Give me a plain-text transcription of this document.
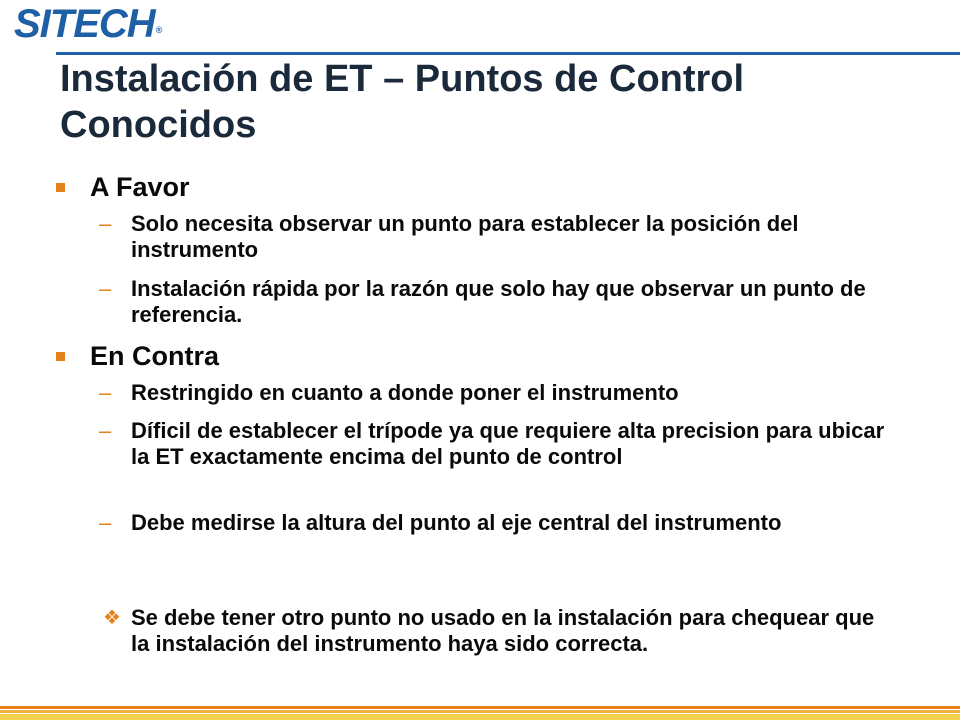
SITECH®
Instalación de ET – Puntos de Control Conocidos
A Favor
– Solo necesita observar un punto para establecer la posición del instrumento
– Instalación rápida por la razón que solo hay que observar un punto de referencia.
En Contra
– Restringido en cuanto a donde poner el instrumento
– Díficil de establecer el trípode ya que requiere alta precision para ubicar la ET exactamente encima del punto de control
– Debe medirse la altura del punto al eje central del instrumento
❖ Se debe tener otro punto no usado en la instalación para chequear que la instalación del instrumento haya sido correcta.
